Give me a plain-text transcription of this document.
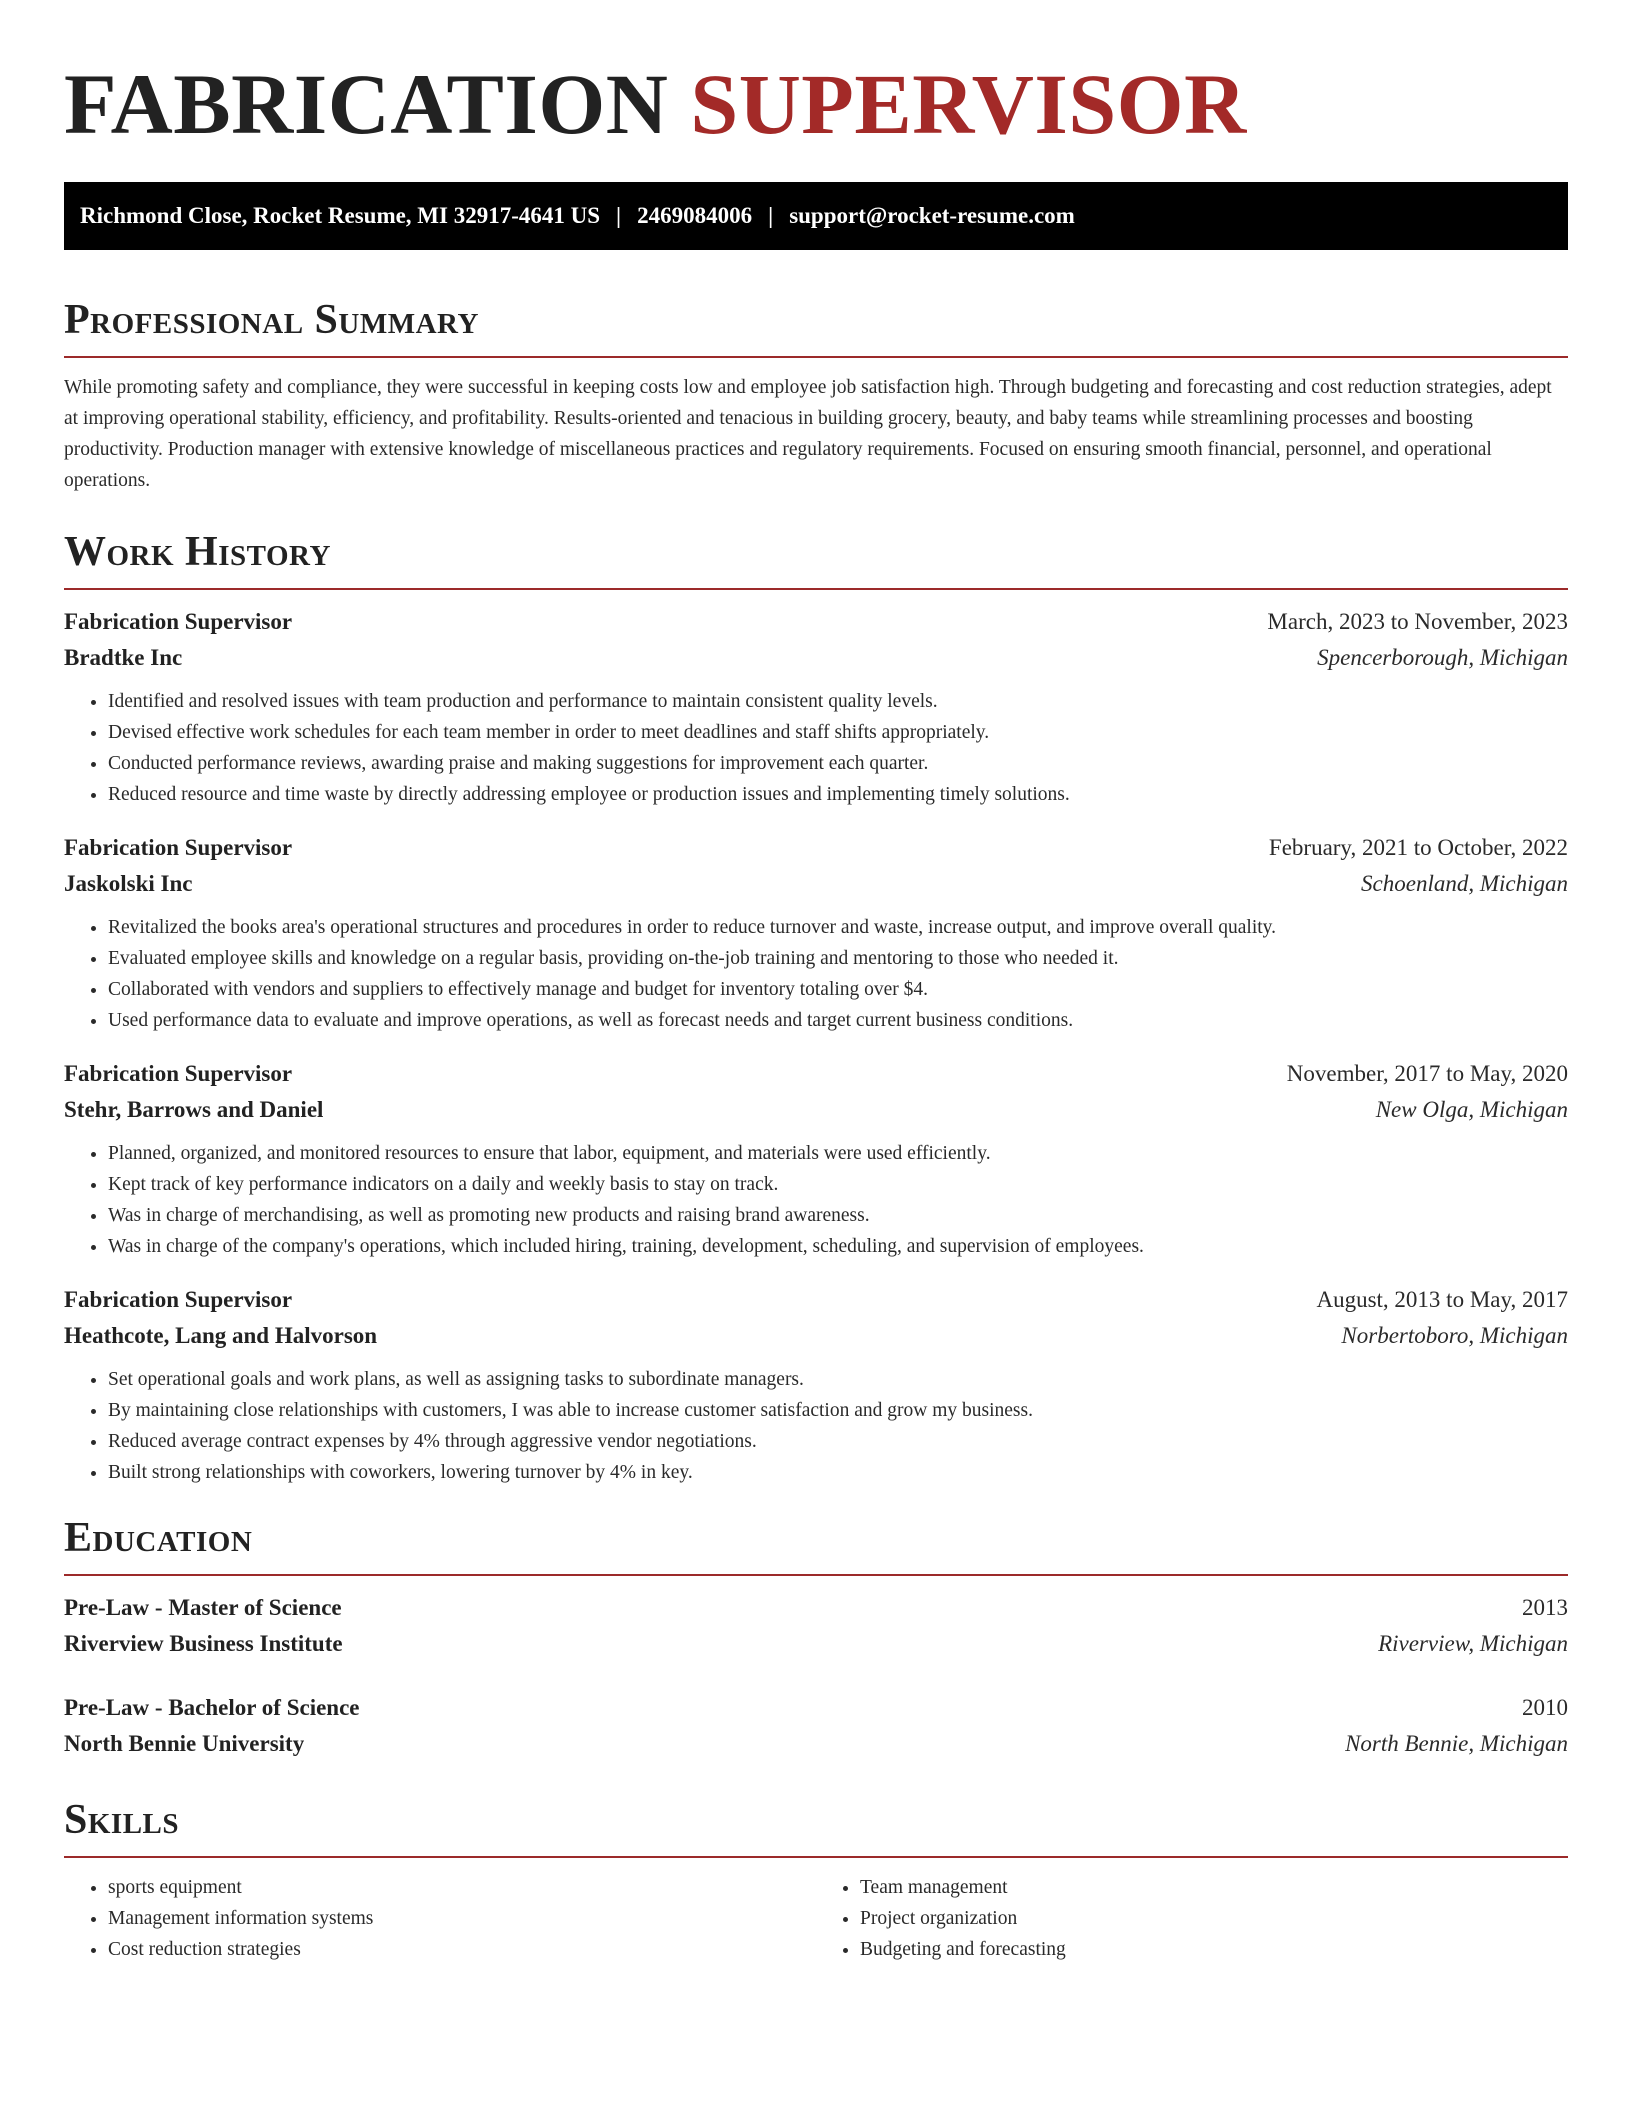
FABRICATION SUPERVISOR
Richmond Close, Rocket Resume, MI 32917-4641 US | 2469084006 | support@rocket-resume.com
Professional Summary

While promoting safety and compliance, they were successful in keeping costs low and employee job satisfaction high. Through budgeting and forecasting and cost reduction strategies, adept at improving operational stability, efficiency, and profitability. Results-oriented and tenacious in building grocery, beauty, and baby teams while streamlining processes and boosting productivity. Production manager with extensive knowledge of miscellaneous practices and regulatory requirements. Focused on ensuring smooth financial, personnel, and operational operations.

Work History
Fabrication Supervisor	March, 2023 to November, 2023
Bradtke Inc	Spencerborough, Michigan
• Identified and resolved issues with team production and performance to maintain consistent quality levels.
• Devised effective work schedules for each team member in order to meet deadlines and staff shifts appropriately.
• Conducted performance reviews, awarding praise and making suggestions for improvement each quarter.
• Reduced resource and time waste by directly addressing employee or production issues and implementing timely solutions.
Fabrication Supervisor	February, 2021 to October, 2022
Jaskolski Inc	Schoenland, Michigan
• Revitalized the books area's operational structures and procedures in order to reduce turnover and waste, increase output, and improve overall quality.
• Evaluated employee skills and knowledge on a regular basis, providing on-the-job training and mentoring to those who needed it.
• Collaborated with vendors and suppliers to effectively manage and budget for inventory totaling over $4.
• Used performance data to evaluate and improve operations, as well as forecast needs and target current business conditions.
Fabrication Supervisor	November, 2017 to May, 2020
Stehr, Barrows and Daniel	New Olga, Michigan
• Planned, organized, and monitored resources to ensure that labor, equipment, and materials were used efficiently.
• Kept track of key performance indicators on a daily and weekly basis to stay on track.
• Was in charge of merchandising, as well as promoting new products and raising brand awareness.
• Was in charge of the company's operations, which included hiring, training, development, scheduling, and supervision of employees.
Fabrication Supervisor	August, 2013 to May, 2017
Heathcote, Lang and Halvorson	Norbertoboro, Michigan
• Set operational goals and work plans, as well as assigning tasks to subordinate managers.
• By maintaining close relationships with customers, I was able to increase customer satisfaction and grow my business.
• Reduced average contract expenses by 4% through aggressive vendor negotiations.
• Built strong relationships with coworkers, lowering turnover by 4% in key.
Education
Pre-Law - Master of Science	2013
Riverview Business Institute	Riverview, Michigan
Pre-Law - Bachelor of Science	2010
North Bennie University	North Bennie, Michigan
Skills
• sports equipment
• Management information systems
• Cost reduction strategies
• Team management
• Project organization
• Budgeting and forecasting
